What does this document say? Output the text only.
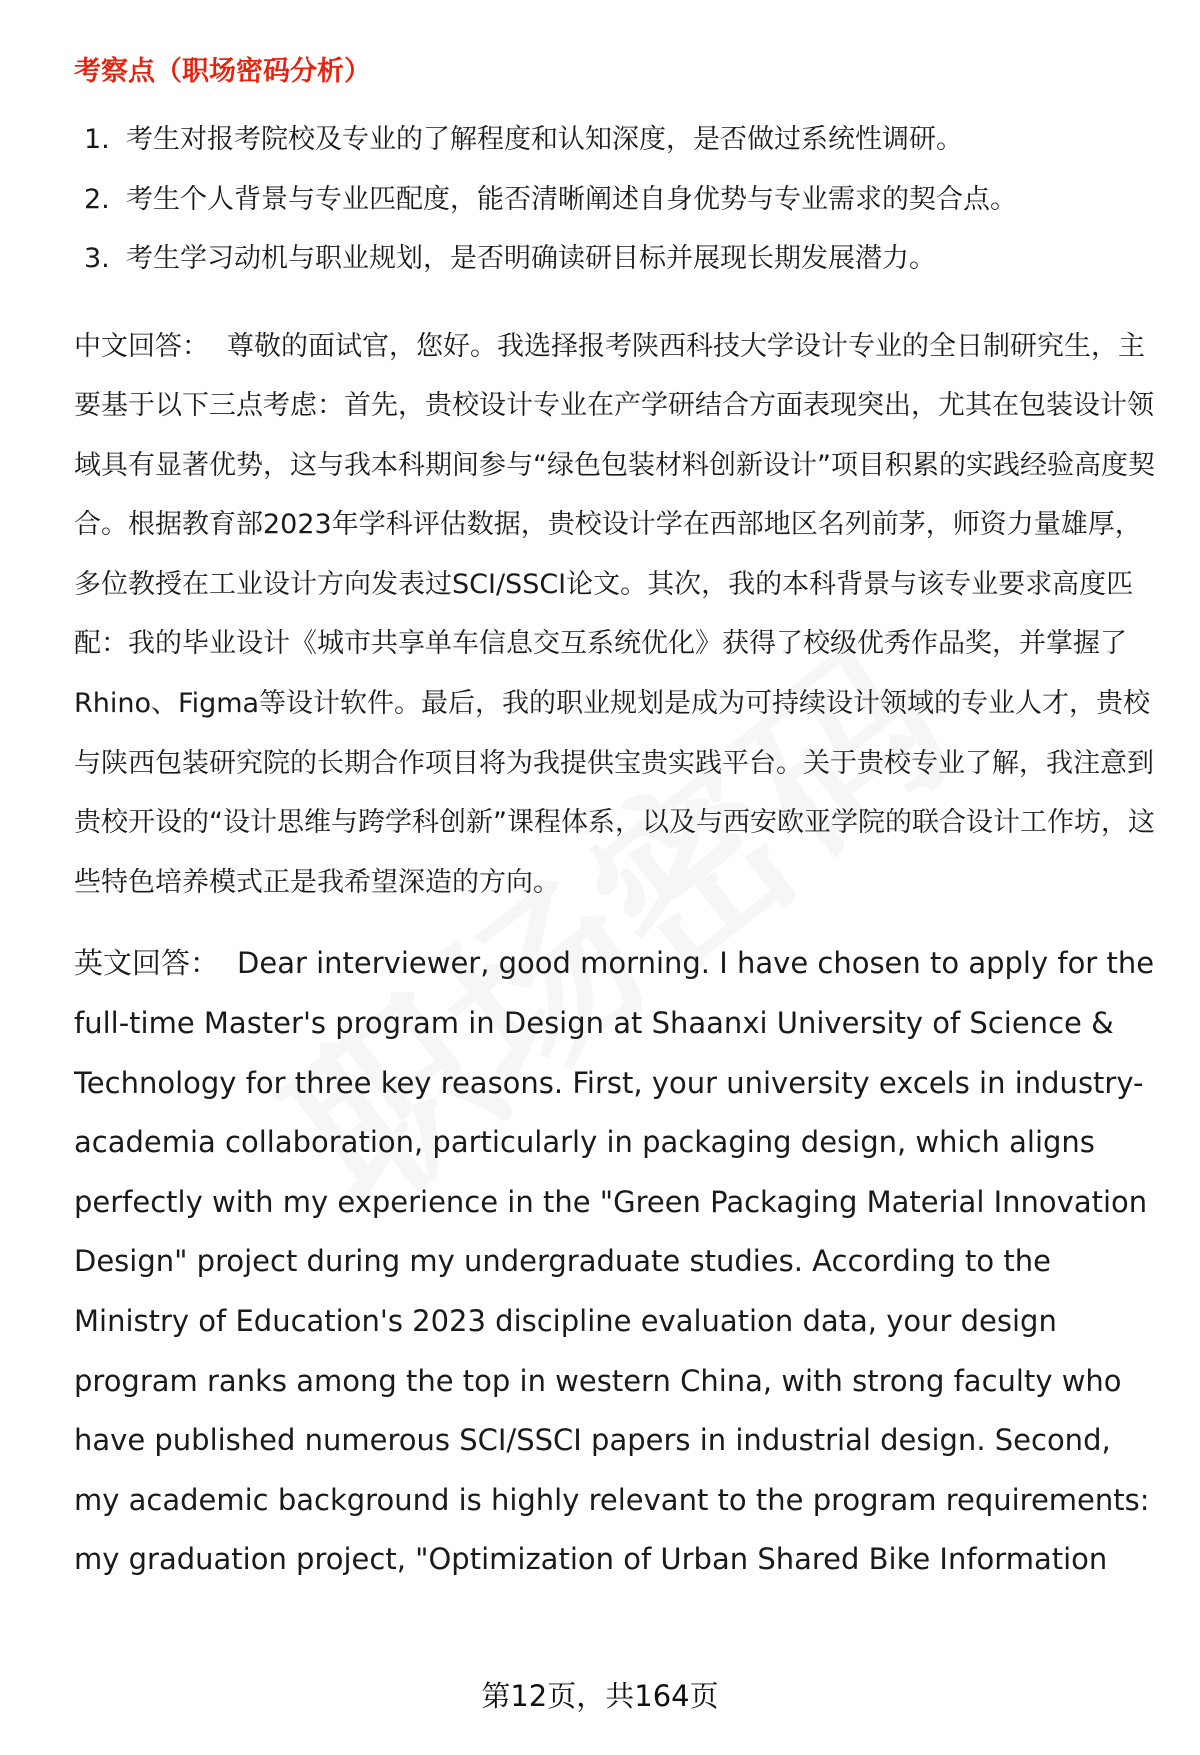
考察点（职场密码分析）
1. 考生对报考院校及专业的了解程度和认知深度，是否做过系统性调研。
2. 考生个人背景与专业匹配度，能否清晰阐述自身优势与专业需求的契合点。
3. 考生学习动机与职业规划，是否明确读研目标并展现长期发展潜力。

中文回答： 尊敬的面试官，您好。我选择报考陕西科技大学设计专业的全日制研究生，主要基于以下三点考虑：首先，贵校设计专业在产学研结合方面表现突出，尤其在包装设计领域具有显著优势，这与我本科期间参与“绿色包装材料创新设计”项目积累的实践经验高度契合。根据教育部2023年学科评估数据，贵校设计学在西部地区名列前茅，师资力量雄厚，多位教授在工业设计方向发表过SCI/SSCI论文。其次，我的本科背景与该专业要求高度匹配：我的毕业设计《城市共享单车信息交互系统优化》获得了校级优秀作品奖，并掌握了Rhino、Figma等设计软件。最后，我的职业规划是成为可持续设计领域的专业人才，贵校与陕西包装研究院的长期合作项目将为我提供宝贵实践平台。关于贵校专业了解，我注意到贵校开设的“设计思维与跨学科创新”课程体系，以及与西安欧亚学院的联合设计工作坊，这些特色培养模式正是我希望深造的方向。

英文回答： Dear interviewer, good morning. I have chosen to apply for the full-time Master's program in Design at Shaanxi University of Science & Technology for three key reasons. First, your university excels in industry-academia collaboration, particularly in packaging design, which aligns perfectly with my experience in the "Green Packaging Material Innovation Design" project during my undergraduate studies. According to the Ministry of Education's 2023 discipline evaluation data, your design program ranks among the top in western China, with strong faculty who have published numerous SCI/SSCI papers in industrial design. Second, my academic background is highly relevant to the program requirements: my graduation project, "Optimization of Urban Shared Bike Information

第12页，共164页
